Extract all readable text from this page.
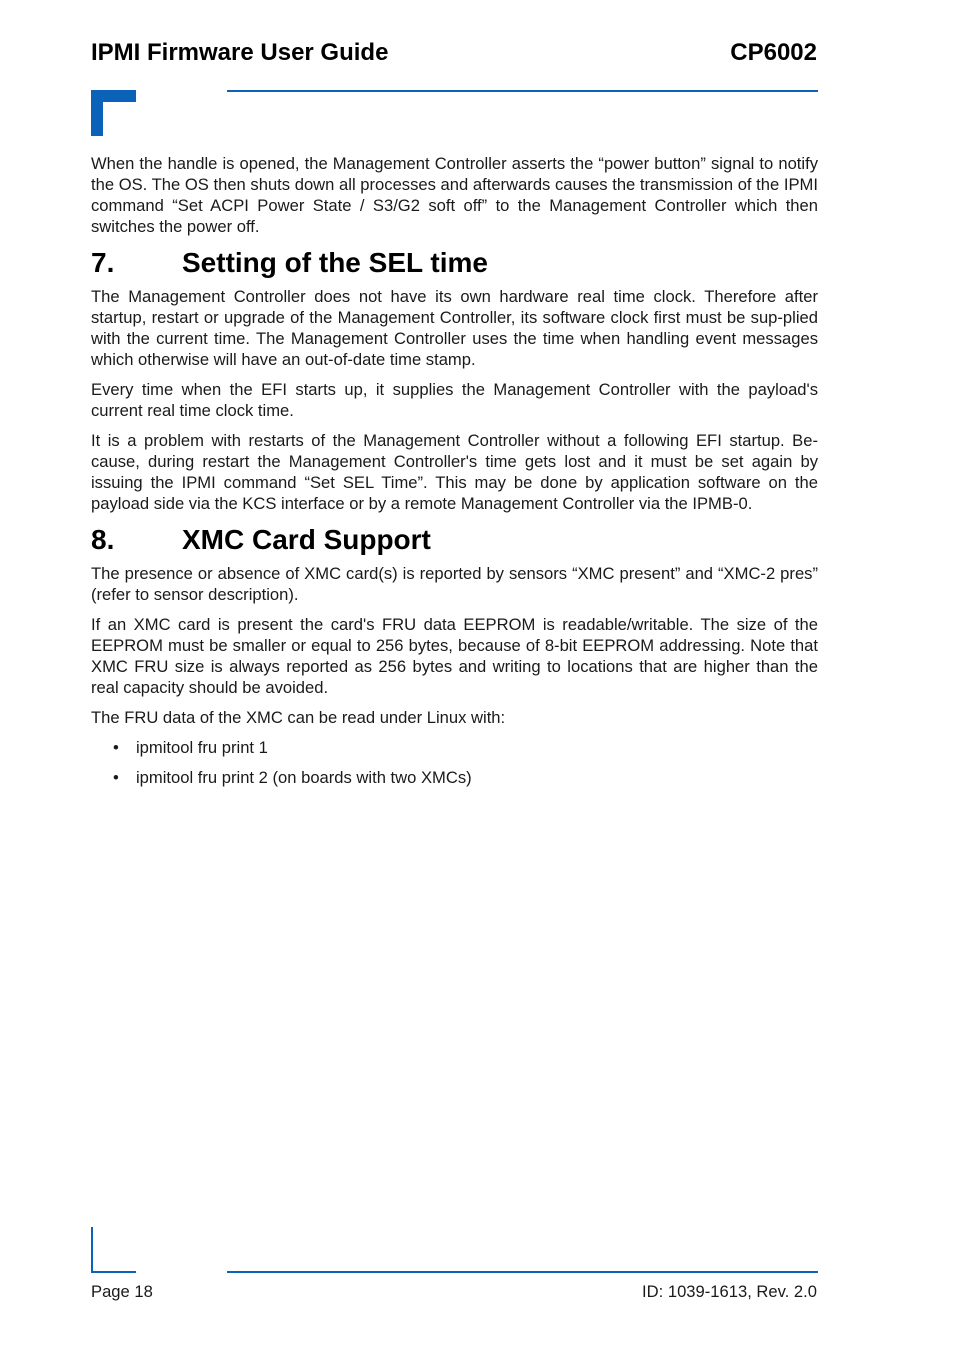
IPMI Firmware User Guide	CP6002

When the handle is opened, the Management Controller asserts the “power button” signal to notify the OS. The OS then shuts down all processes and afterwards causes the transmission of the IPMI command “Set ACPI Power State / S3/G2 soft off” to the Management Controller which then switches the power off.

7.	Setting of the SEL time

The Management Controller does not have its own hardware real time clock. Therefore after startup, restart or upgrade of the Management Controller, its software clock first must be sup-plied with the current time. The Management Controller uses the time when handling event messages which otherwise will have an out-of-date time stamp.

Every time when the EFI starts up, it supplies the Management Controller with the payload's current real time clock time.

It is a problem with restarts of the Management Controller without a following EFI startup. Be-cause, during restart the Management Controller's time gets lost and it must be set again by issuing the IPMI command “Set SEL Time”. This may be done by application software on the payload side via the KCS interface or by a remote Management Controller via the IPMB-0.

8.	XMC Card Support

The presence or absence of XMC card(s) is reported by sensors “XMC present” and “XMC-2 pres” (refer to sensor description).

If an XMC card is present the card's FRU data EEPROM is readable/writable. The size of the EEPROM must be smaller or equal to 256 bytes, because of 8-bit EEPROM addressing. Note that XMC FRU size is always reported as 256 bytes and writing to locations that are higher than the real capacity should be avoided.

The FRU data of the XMC can be read under Linux with:

• ipmitool fru print 1
• ipmitool fru print 2 (on boards with two XMCs)
Page 18	ID: 1039-1613, Rev. 2.0
